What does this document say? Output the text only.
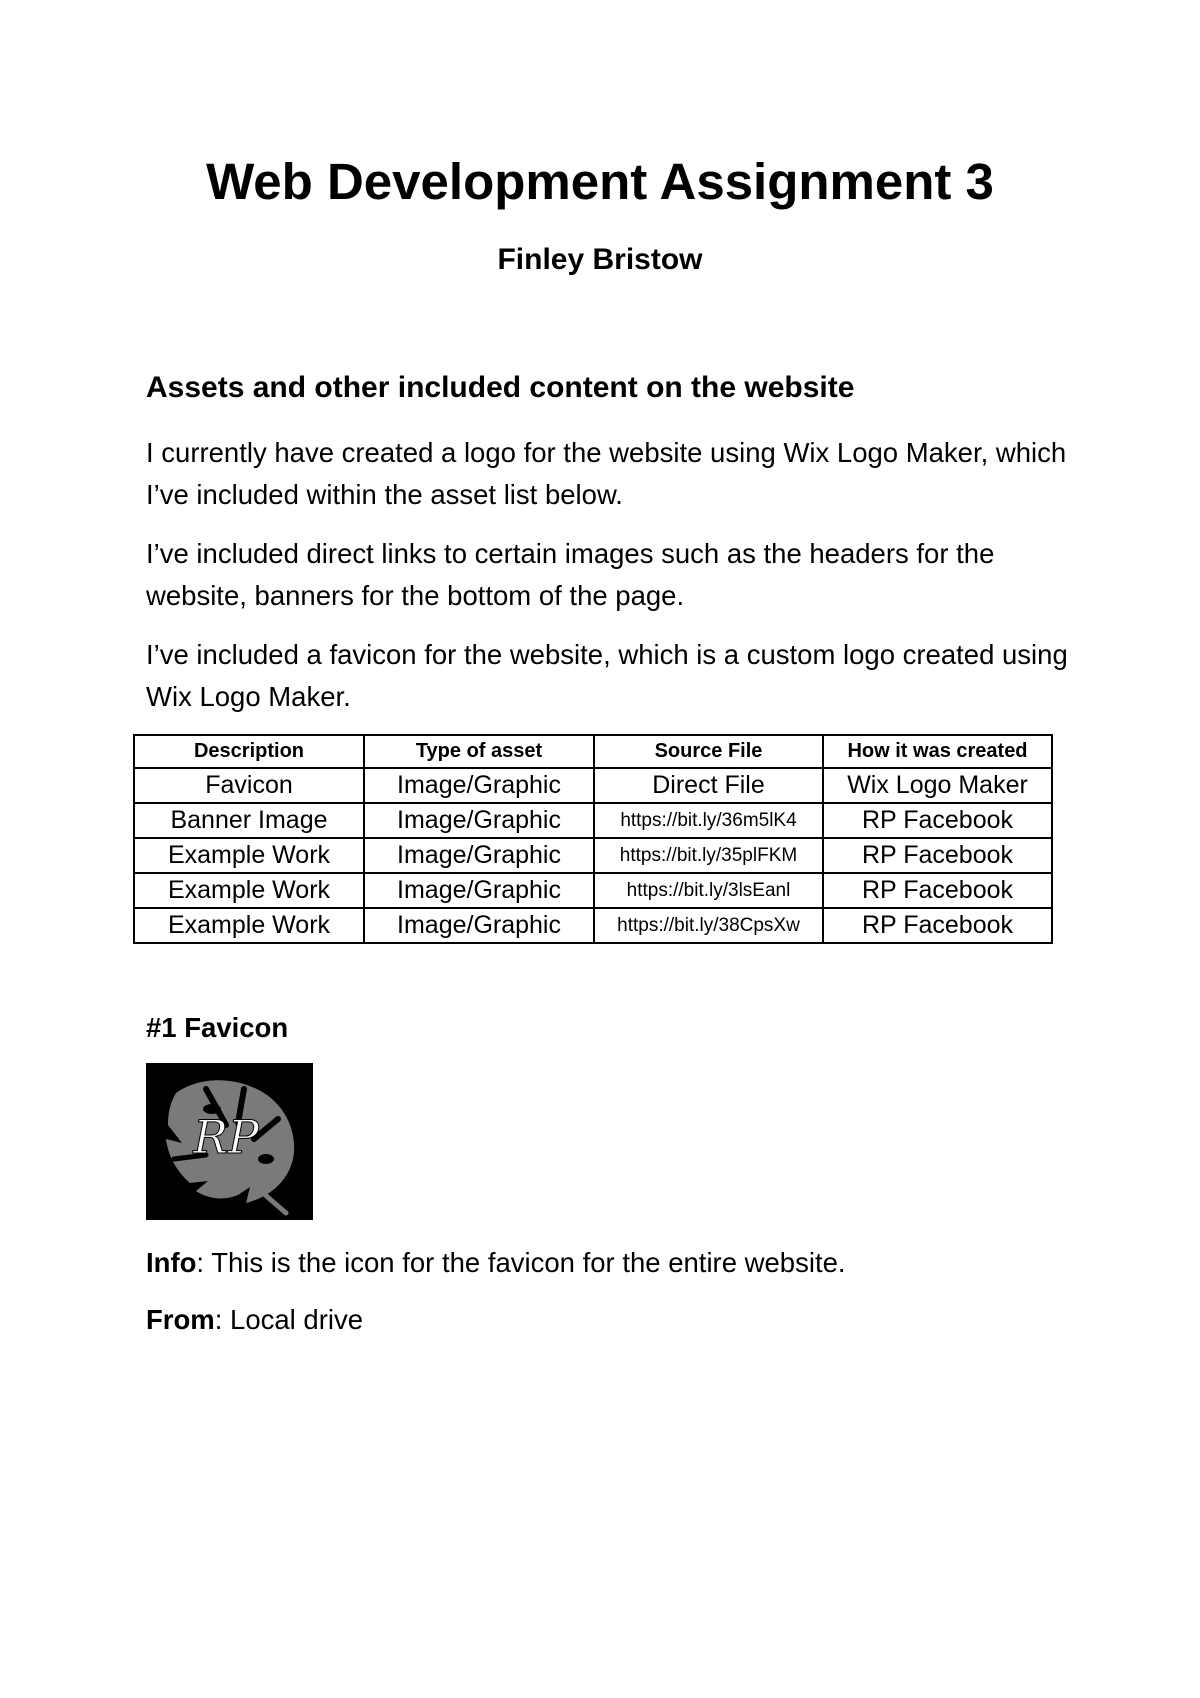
Web Development Assignment 3
Finley Bristow
Assets and other included content on the website

I currently have created a logo for the website using Wix Logo Maker, which I’ve included within the asset list below.

I’ve included direct links to certain images such as the headers for the website, banners for the bottom of the page.

I’ve included a favicon for the website, which is a custom logo created using Wix Logo Maker.

Description	Type of asset	Source File	How it was created
Favicon	Image/Graphic	Direct File	Wix Logo Maker
Banner Image	Image/Graphic	https://bit.ly/36m5lK4	RP Facebook
Example Work	Image/Graphic	https://bit.ly/35plFKM	RP Facebook
Example Work	Image/Graphic	https://bit.ly/3lsEanl	RP Facebook
Example Work	Image/Graphic	https://bit.ly/38CpsXw	RP Facebook
#1 Favicon
RP

Info: This is the icon for the favicon for the entire website.

From: Local drive
